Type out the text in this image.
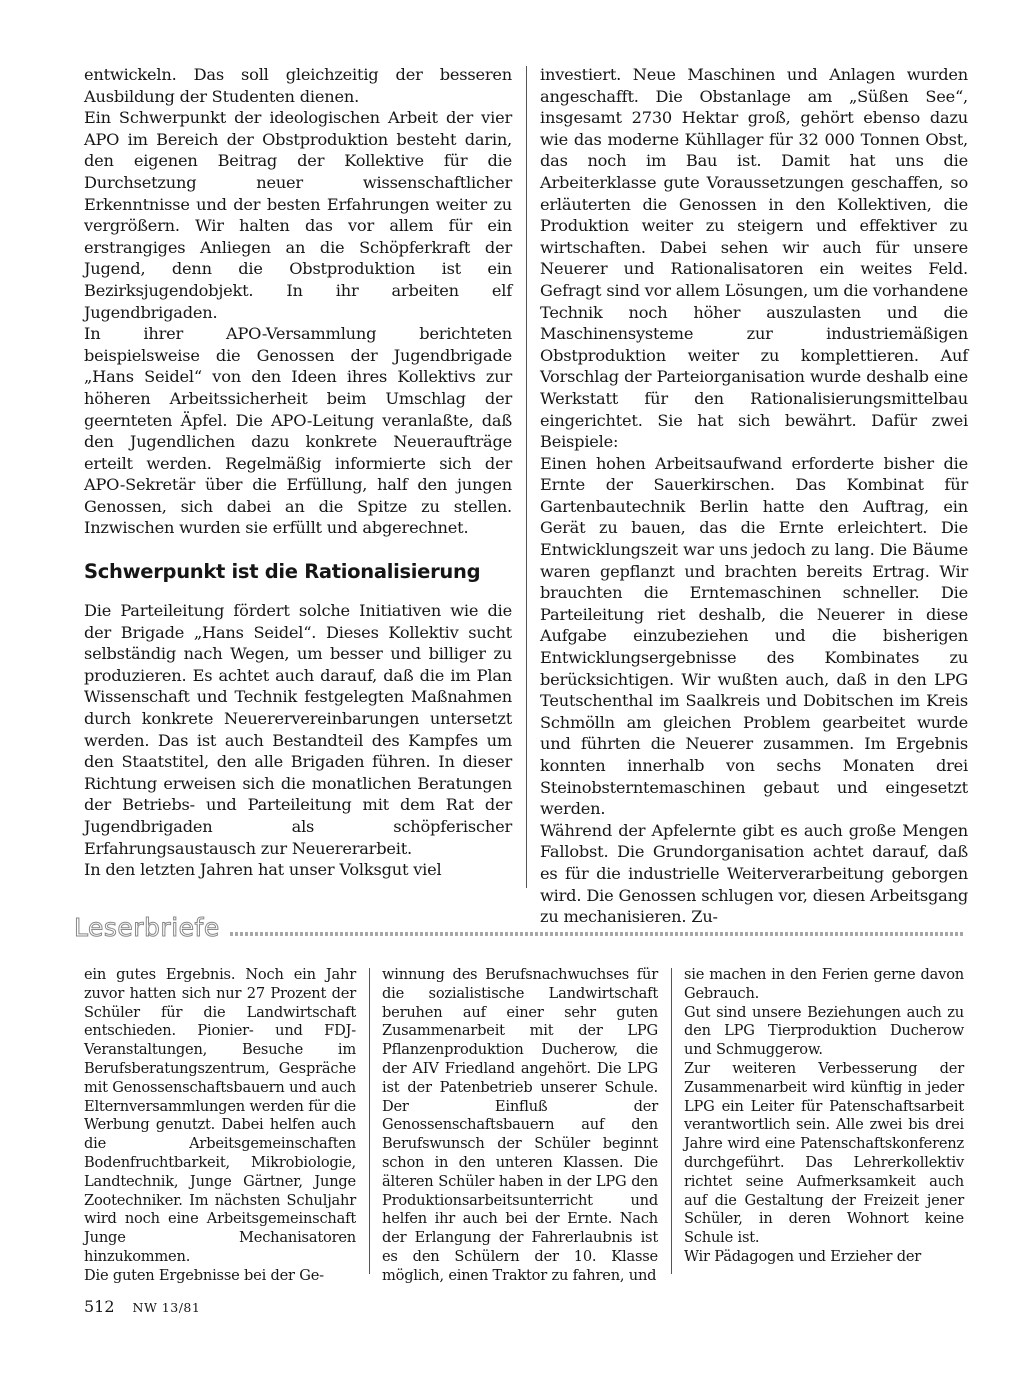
entwickeln. Das soll gleichzeitig der besseren Ausbildung der Studenten dienen.

Ein Schwerpunkt der ideologischen Arbeit der vier APO im Bereich der Obstproduktion besteht darin, den eigenen Beitrag der Kollektive für die Durchsetzung neuer wissenschaftlicher Erkenntnisse und der besten Erfahrungen weiter zu vergrößern. Wir halten das vor allem für ein erstrangiges Anliegen an die Schöpferkraft der Jugend, denn die Obstproduktion ist ein Bezirksjugendobjekt. In ihr arbeiten elf Jugendbrigaden.

In ihrer APO-Versammlung berichteten beispielsweise die Genossen der Jugendbrigade „Hans Seidel“ von den Ideen ihres Kollektivs zur höheren Arbeitssicherheit beim Umschlag der geernteten Äpfel. Die APO-Leitung veranlaßte, daß den Jugendlichen dazu konkrete Neueraufträge erteilt werden. Regelmäßig informierte sich der APO-Sekretär über die Erfüllung, half den jungen Genossen, sich dabei an die Spitze zu stellen. Inzwischen wurden sie erfüllt und abgerechnet.

Schwerpunkt ist die Rationalisierung

Die Parteileitung fördert solche Initiativen wie die der Brigade „Hans Seidel“. Dieses Kollektiv sucht selbständig nach Wegen, um besser und billiger zu produzieren. Es achtet auch darauf, daß die im Plan Wissenschaft und Technik festgelegten Maßnahmen durch konkrete Neuerervereinbarungen untersetzt werden. Das ist auch Bestandteil des Kampfes um den Staatstitel, den alle Brigaden führen. In dieser Richtung erweisen sich die monatlichen Beratungen der Betriebs- und Parteileitung mit dem Rat der Jugendbrigaden als schöpferischer Erfahrungsaustausch zur Neuererarbeit.

In den letzten Jahren hat unser Volksgut viel

investiert. Neue Maschinen und Anlagen wurden angeschafft. Die Obstanlage am „Süßen See“, insgesamt 2730 Hektar groß, gehört ebenso dazu wie das moderne Kühllager für 32 000 Tonnen Obst, das noch im Bau ist. Damit hat uns die Arbeiterklasse gute Voraussetzungen geschaffen, so erläuterten die Genossen in den Kollektiven, die Produktion weiter zu steigern und effektiver zu wirtschaften. Dabei sehen wir auch für unsere Neuerer und Rationalisatoren ein weites Feld. Gefragt sind vor allem Lösungen, um die vorhandene Technik noch höher auszulasten und die Maschinensysteme zur industriemäßigen Obstproduktion weiter zu komplettieren. Auf Vorschlag der Parteiorganisation wurde deshalb eine Werkstatt für den Rationalisierungsmittelbau eingerichtet. Sie hat sich bewährt. Dafür zwei Beispiele:

Einen hohen Arbeitsaufwand erforderte bisher die Ernte der Sauerkirschen. Das Kombinat für Gartenbautechnik Berlin hatte den Auftrag, ein Gerät zu bauen, das die Ernte erleichtert. Die Entwicklungszeit war uns jedoch zu lang. Die Bäume waren gepflanzt und brachten bereits Ertrag. Wir brauchten die Erntemaschinen schneller. Die Parteileitung riet deshalb, die Neuerer in diese Aufgabe einzubeziehen und die bisherigen Entwicklungsergebnisse des Kombinates zu berücksichtigen. Wir wußten auch, daß in den LPG Teutschenthal im Saalkreis und Dobitschen im Kreis Schmölln am gleichen Problem gearbeitet wurde und führten die Neuerer zusammen. Im Ergebnis konnten innerhalb von sechs Monaten drei Steinobsterntemaschinen gebaut und eingesetzt werden.

Während der Apfelernte gibt es auch große Mengen Fallobst. Die Grundorganisation achtet darauf, daß es für die industrielle Weiterverarbeitung geborgen wird. Die Genossen schlugen vor, diesen Arbeitsgang zu mechanisieren. Zu-

Leserbriefe

ein gutes Ergebnis. Noch ein Jahr zuvor hatten sich nur 27 Prozent der Schüler für die Landwirtschaft entschieden. Pionier- und FDJ-Veranstaltungen, Besuche im Berufsberatungszentrum, Gespräche mit Genossenschaftsbauern und auch Elternversammlungen werden für die Werbung genutzt. Dabei helfen auch die Arbeitsgemeinschaften Bodenfruchtbarkeit, Mikrobiologie, Landtechnik, Junge Gärtner, Junge Zootechniker. Im nächsten Schuljahr wird noch eine Arbeitsgemeinschaft Junge Mechanisatoren hinzukommen.

Die guten Ergebnisse bei der Ge-

winnung des Berufsnachwuchses für die sozialistische Landwirtschaft beruhen auf einer sehr guten Zusammenarbeit mit der LPG Pflanzenproduktion Ducherow, die der AIV Friedland angehört. Die LPG ist der Patenbetrieb unserer Schule. Der Einfluß der Genossenschaftsbauern auf den Berufswunsch der Schüler beginnt schon in den unteren Klassen. Die älteren Schüler haben in der LPG den Produktionsarbeitsunterricht und helfen ihr auch bei der Ernte. Nach der Erlangung der Fahrerlaubnis ist es den Schülern der 10. Klasse möglich, einen Traktor zu fahren, und

sie machen in den Ferien gerne davon Gebrauch.

Gut sind unsere Beziehungen auch zu den LPG Tierproduktion Ducherow und Schmuggerow.

Zur weiteren Verbesserung der Zusammenarbeit wird künftig in jeder LPG ein Leiter für Patenschaftsarbeit verantwortlich sein. Alle zwei bis drei Jahre wird eine Patenschaftskonferenz durchgeführt. Das Lehrerkollektiv richtet seine Aufmerksamkeit auch auf die Gestaltung der Freizeit jener Schüler, in deren Wohnort keine Schule ist.

Wir Pädagogen und Erzieher der

512 NW 13/81
